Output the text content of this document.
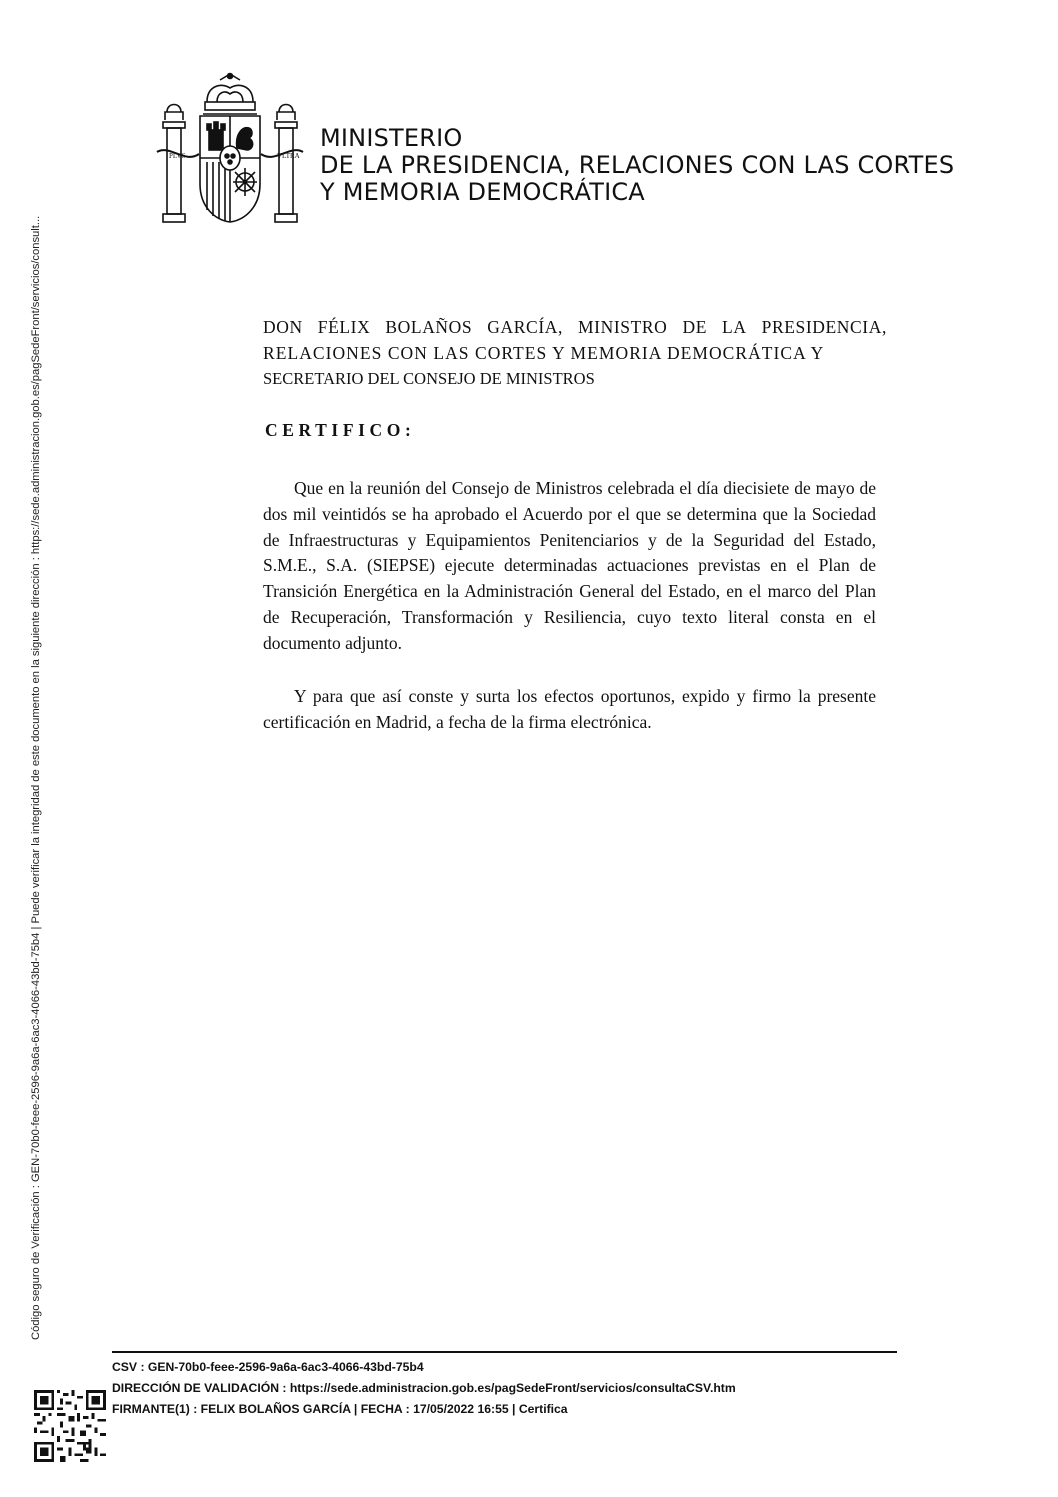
Código seguro de Verificación : GEN-70b0-feee-2596-9a6a-6ac3-4066-43bd-75b4 | Puede verificar la integridad de este documento en la siguiente dirección : https://sede.administracion.gob.es/pagSedeFront/servicios/consult...
PLVS	VLTRA
MINISTERIO
DE LA PRESIDENCIA, RELACIONES CON LAS CORTES
Y MEMORIA DEMOCRÁTICA
DON FÉLIX BOLAÑOS GARCÍA, MINISTRO DE LA PRESIDENCIA,
RELACIONES CON LAS CORTES Y MEMORIA DEMOCRÁTICA Y
SECRETARIO DEL CONSEJO DE MINISTROS
CERTIFICO:

Que en la reunión del Consejo de Ministros celebrada el día diecisiete de mayo de dos mil veintidós se ha aprobado el Acuerdo por el que se determina que la Sociedad de Infraestructuras y Equipamientos Penitenciarios y de la Seguridad del Estado, S.M.E., S.A. (SIEPSE) ejecute determinadas actuaciones previstas en el Plan de Transición Energética en la Administración General del Estado, en el marco del Plan de Recuperación, Transformación y Resiliencia, cuyo texto literal consta en el documento adjunto.

Y para que así conste y surta los efectos oportunos, expido y firmo la presente certificación en Madrid, a fecha de la firma electrónica.

CSV : GEN-70b0-feee-2596-9a6a-6ac3-4066-43bd-75b4
DIRECCIÓN DE VALIDACIÓN : https://sede.administracion.gob.es/pagSedeFront/servicios/consultaCSV.htm
FIRMANTE(1) : FELIX BOLAÑOS GARCÍA | FECHA : 17/05/2022 16:55 | Certifica
